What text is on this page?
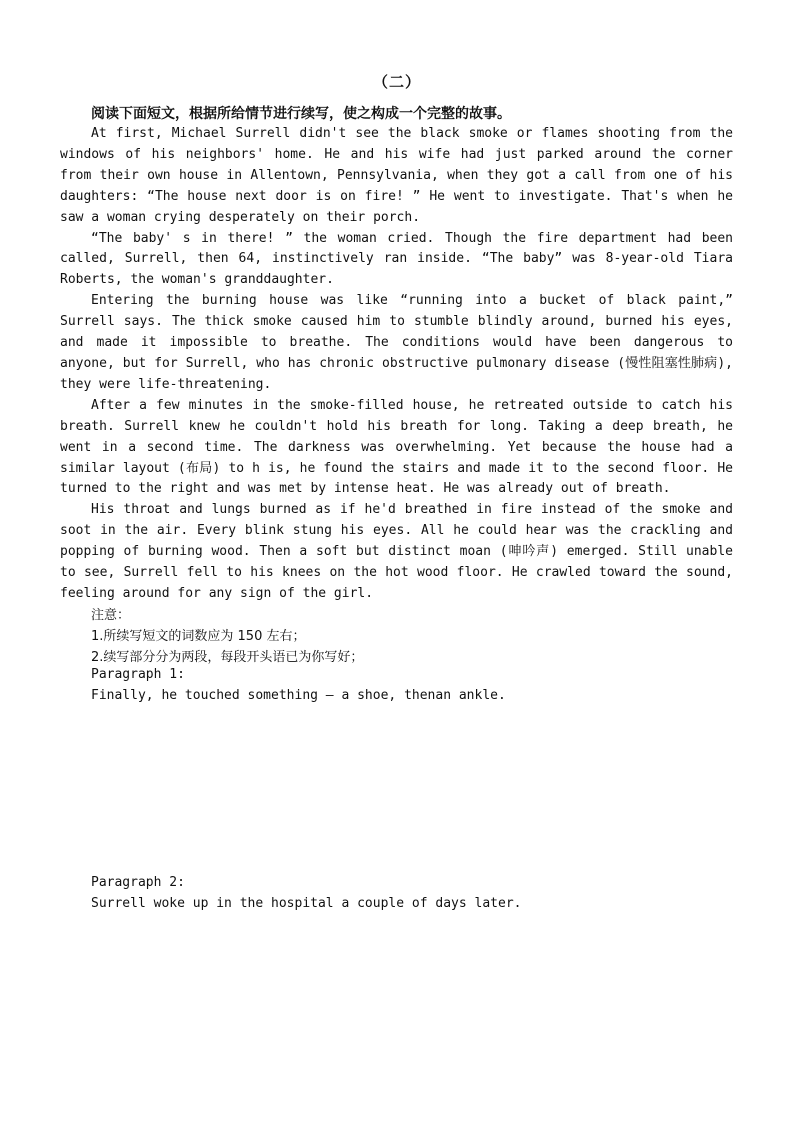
（二）
阅读下面短文，根据所给情节进行续写，使之构成一个完整的故事。

At first, Michael Surrell didn't see the black smoke or flames shooting from the windows of his neighbors' home. He and his wife had just parked around the corner from their own house in Allentown, Pennsylvania, when they got a call from one of his daughters: “The house next door is on fire! ” He went to investigate. That's when he saw a woman crying desperately on their porch.

“The baby' s in there! ” the woman cried. Though the fire department had been called, Surrell, then 64, instinctively ran inside. “The baby” was 8-year-old Tiara Roberts, the woman's granddaughter.

Entering the burning house was like “running into a bucket of black paint,” Surrell says. The thick smoke caused him to stumble blindly around, burned his eyes, and made it impossible to breathe. The conditions would have been dangerous to anyone, but for Surrell, who has chronic obstructive pulmonary disease (慢性阻塞性肺病), they were life-threatening.

After a few minutes in the smoke-filled house, he retreated outside to catch his breath. Surrell knew he couldn't hold his breath for long. Taking a deep breath, he went in a second time. The darkness was overwhelming. Yet because the house had a similar layout (布局) to h is, he found the stairs and made it to the second floor. He turned to the right and was met by intense heat. He was already out of breath.

His throat and lungs burned as if he'd breathed in fire instead of the smoke and soot in the air. Every blink stung his eyes. All he could hear was the crackling and popping of burning wood. Then a soft but distinct moan (呻吟声) emerged. Still unable to see, Surrell fell to his knees on the hot wood floor. He crawled toward the sound, feeling around for any sign of the girl.

注意：
1.所续写短文的词数应为 150 左右；
2.续写部分分为两段，每段开头语已为你写好；
Paragraph 1:
Finally, he touched something — a shoe, thenan ankle.
Paragraph 2:
Surrell woke up in the hospital a couple of days later.
